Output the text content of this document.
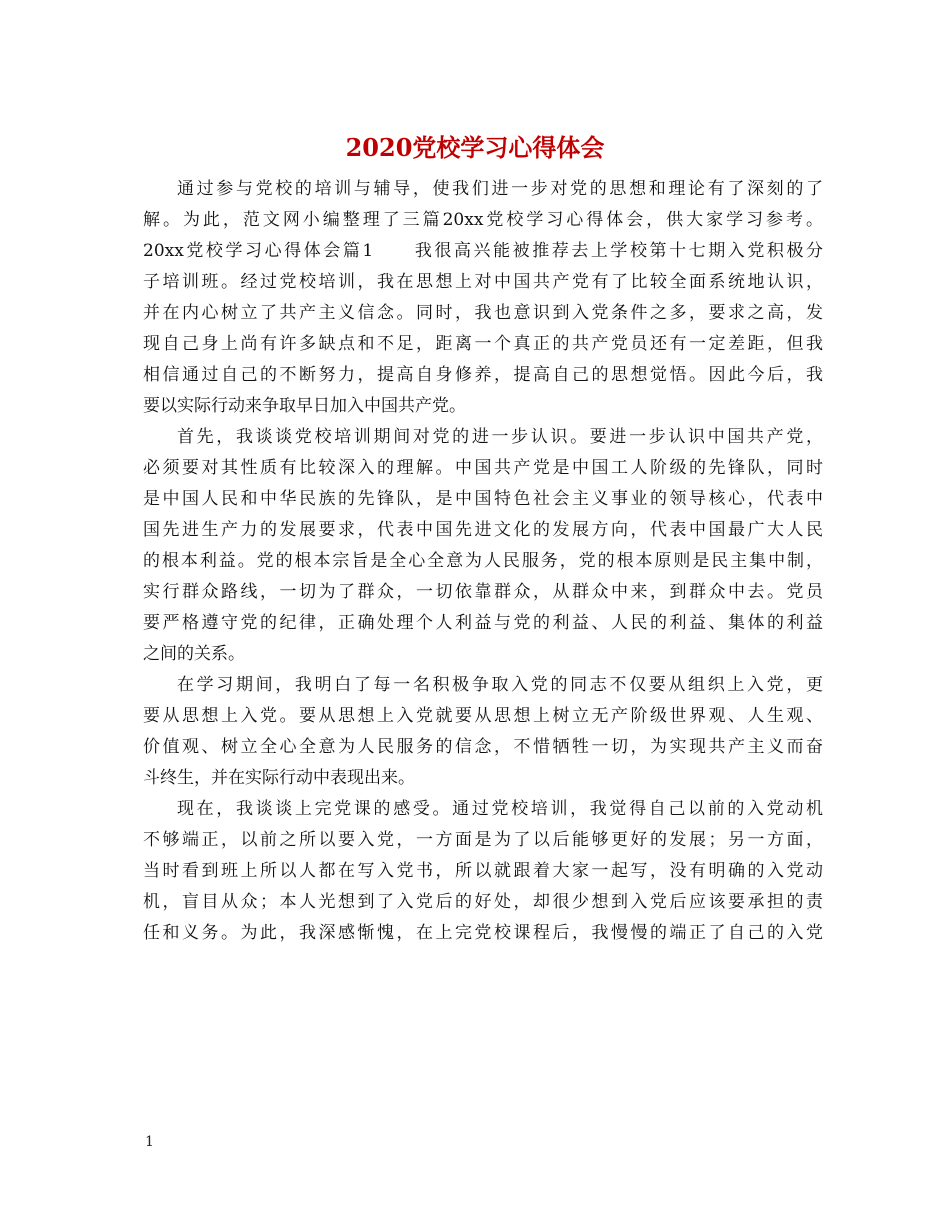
2020党校学习心得体会

通过参与党校的培训与辅导，使我们进一步对党的思想和理论有了深刻的了

解。为此，范文网小编整理了三篇20xx党校学习心得体会，供大家学习参考。

20xx党校学习心得体会篇1　　我很高兴能被推荐去上学校第十七期入党积极分

子培训班。经过党校培训，我在思想上对中国共产党有了比较全面系统地认识，

并在内心树立了共产主义信念。同时，我也意识到入党条件之多，要求之高，发

现自己身上尚有许多缺点和不足，距离一个真正的共产党员还有一定差距，但我

相信通过自己的不断努力，提高自身修养，提高自己的思想觉悟。因此今后，我

要以实际行动来争取早日加入中国共产党。

首先，我谈谈党校培训期间对党的进一步认识。要进一步认识中国共产党，

必须要对其性质有比较深入的理解。中国共产党是中国工人阶级的先锋队，同时

是中国人民和中华民族的先锋队，是中国特色社会主义事业的领导核心，代表中

国先进生产力的发展要求，代表中国先进文化的发展方向，代表中国最广大人民

的根本利益。党的根本宗旨是全心全意为人民服务，党的根本原则是民主集中制，

实行群众路线，一切为了群众，一切依靠群众，从群众中来，到群众中去。党员

要严格遵守党的纪律，正确处理个人利益与党的利益、人民的利益、集体的利益

之间的关系。

在学习期间，我明白了每一名积极争取入党的同志不仅要从组织上入党，更

要从思想上入党。要从思想上入党就要从思想上树立无产阶级世界观、人生观、

价值观、树立全心全意为人民服务的信念，不惜牺牲一切，为实现共产主义而奋

斗终生，并在实际行动中表现出来。

现在，我谈谈上完党课的感受。通过党校培训，我觉得自己以前的入党动机

不够端正，以前之所以要入党，一方面是为了以后能够更好的发展；另一方面，

当时看到班上所以人都在写入党书，所以就跟着大家一起写，没有明确的入党动

机，盲目从众；本人光想到了入党后的好处，却很少想到入党后应该要承担的责

任和义务。为此，我深感惭愧，在上完党校课程后，我慢慢的端正了自己的入党

1
